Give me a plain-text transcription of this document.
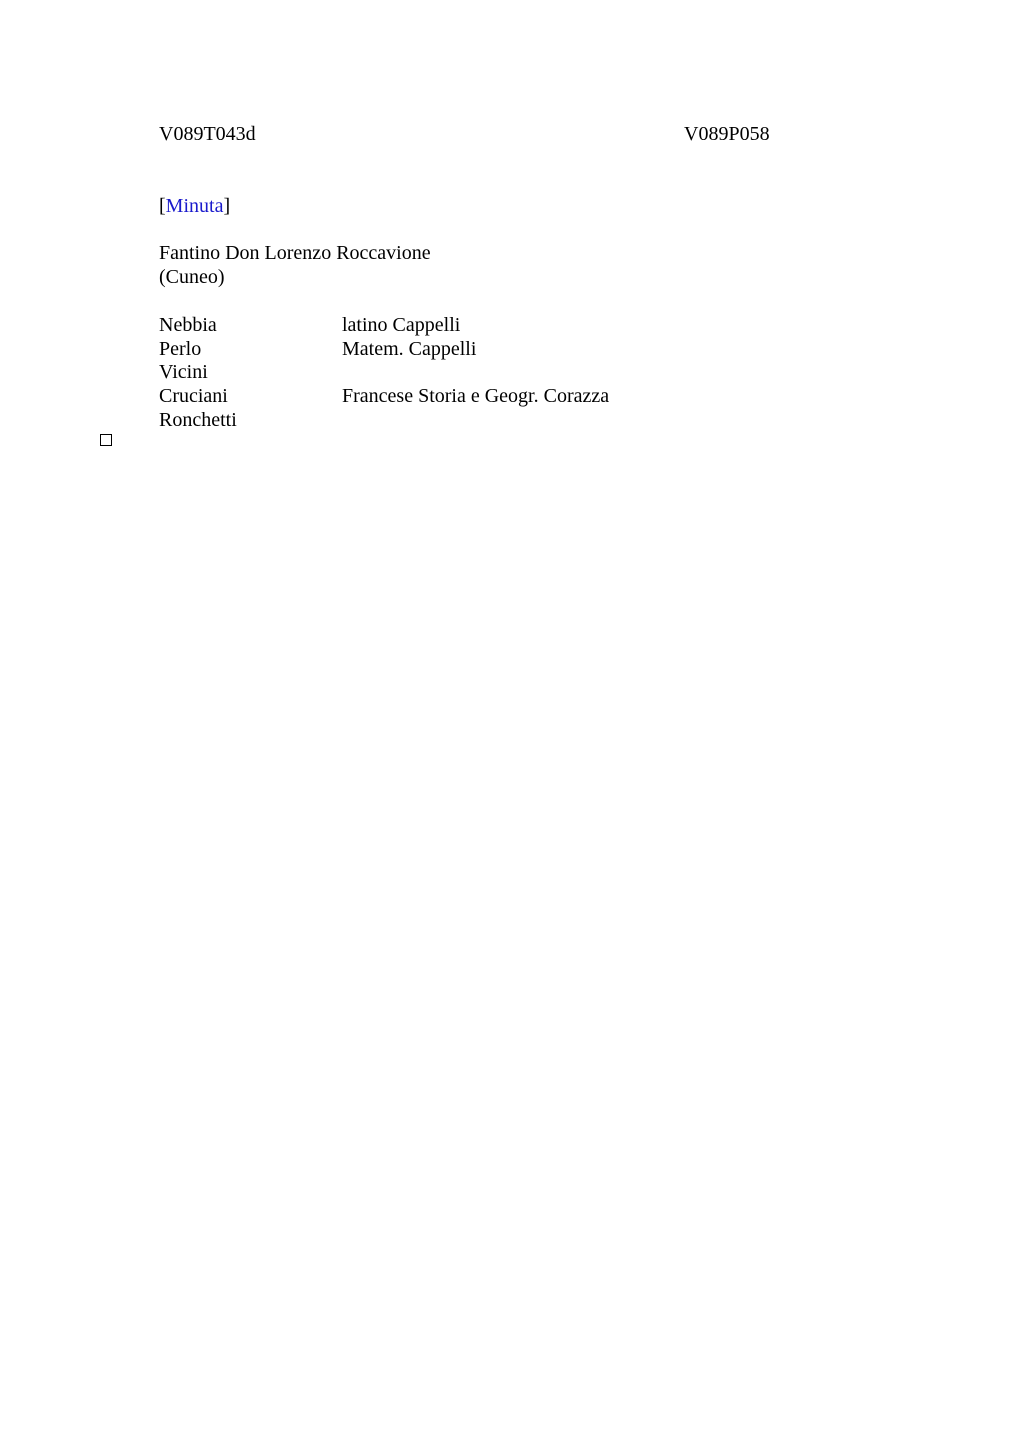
V089T043d	V089P058
[Minuta]
Fantino Don Lorenzo Roccavione
(Cuneo)
Nebbia	latino Cappelli
Perlo	Matem. Cappelli
Vicini
Cruciani	Francese Storia e Geogr. Corazza
Ronchetti
